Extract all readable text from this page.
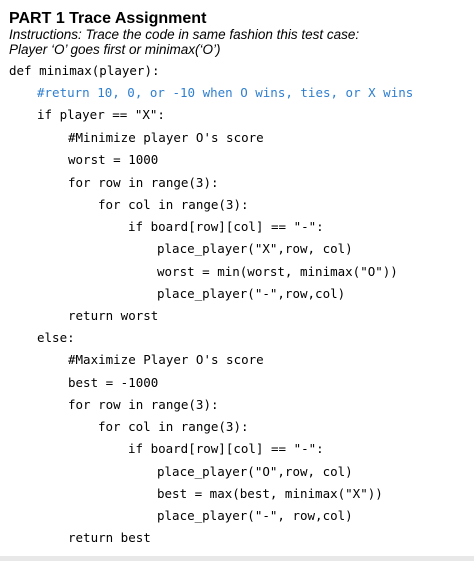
PART 1 Trace Assignment
Instructions: Trace the code in same fashion this test case:
Player ‘O’ goes first or minimax(‘O’)
def minimax(player):
#return 10, 0, or -10 when O wins, ties, or X wins
if player == "X":
#Minimize player O's score
worst = 1000
for row in range(3):
for col in range(3):
if board[row][col] == "-":
place_player("X",row, col)
worst = min(worst, minimax("O"))
place_player("-",row,col)
return worst
else:
#Maximize Player O's score
best = -1000
for row in range(3):
for col in range(3):
if board[row][col] == "-":
place_player("O",row, col)
best = max(best, minimax("X"))
place_player("-", row,col)
return best
